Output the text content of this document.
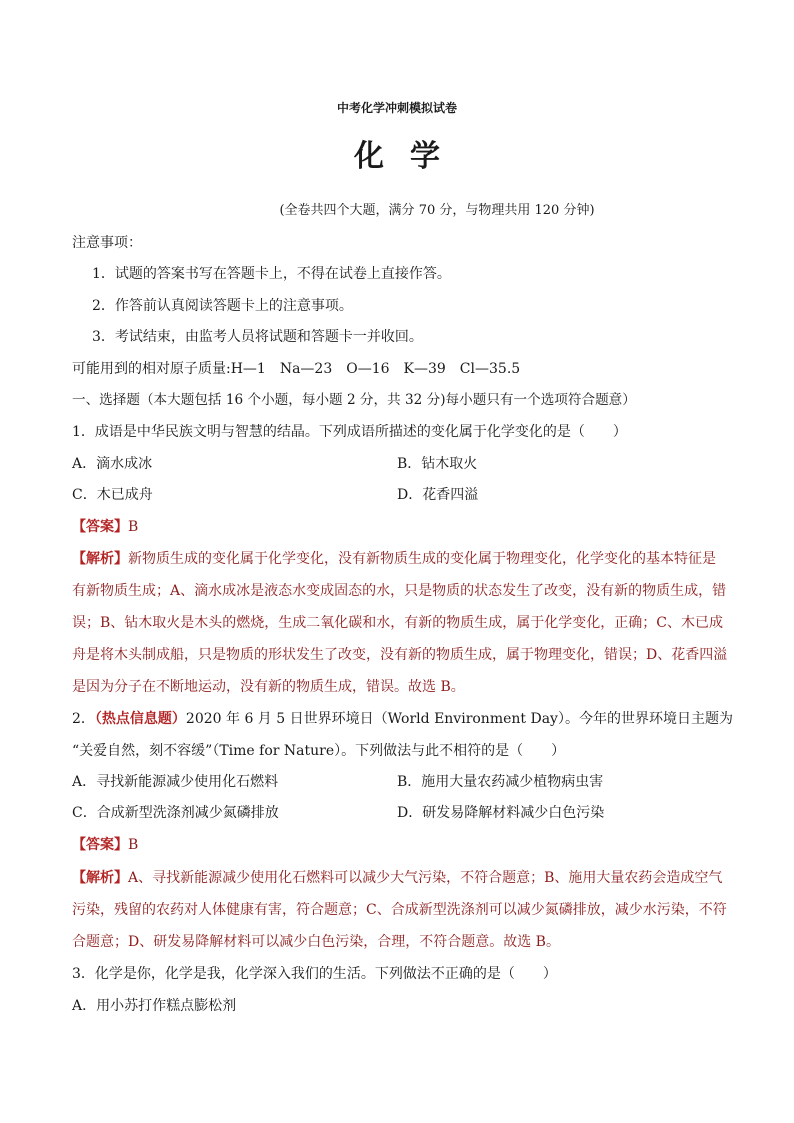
中考化学冲刺模拟试卷
化学
(全卷共四个大题，满分 70 分，与物理共用 120 分钟)
注意事项：
1．试题的答案书写在答题卡上，不得在试卷上直接作答。
2．作答前认真阅读答题卡上的注意事项。
3．考试结束，由监考人员将试题和答题卡一并收回。
可能用到的相对原子质量:H—1　Na—23　O—16　K—39　Cl—35.5
一、选择题（本大题包括 16 个小题，每小题 2 分，共 32 分)每小题只有一个选项符合题意）
1．成语是中华民族文明与智慧的结晶。下列成语所描述的变化属于化学变化的是（　　）
A．滴水成冰	B．钻木取火
C．木已成舟	D．花香四溢
【答案】B
【解析】新物质生成的变化属于化学变化，没有新物质生成的变化属于物理变化，化学变化的基本特征是
有新物质生成；A、滴水成冰是液态水变成固态的水，只是物质的状态发生了改变，没有新的物质生成，错
误；B、钻木取火是木头的燃烧，生成二氧化碳和水，有新的物质生成，属于化学变化，正确；C、木已成
舟是将木头制成船，只是物质的形状发生了改变，没有新的物质生成，属于物理变化，错误；D、花香四溢
是因为分子在不断地运动，没有新的物质生成，错误。故选 B。
2．（热点信息题）2020 年 6 月 5 日世界环境日（World Environment Day）。今年的世界环境日主题为
“关爱自然，刻不容缓”（Time for Nature）。下列做法与此不相符的是（　　）
A．寻找新能源减少使用化石燃料	B．施用大量农药减少植物病虫害
C．合成新型洗涤剂减少氮磷排放	D．研发易降解材料减少白色污染
【答案】B
【解析】A、寻找新能源减少使用化石燃料可以减少大气污染，不符合题意；B、施用大量农药会造成空气
污染，残留的农药对人体健康有害，符合题意；C、合成新型洗涤剂可以减少氮磷排放，减少水污染，不符
合题意；D、研发易降解材料可以减少白色污染，合理，不符合题意。故选 B。
3．化学是你，化学是我，化学深入我们的生活。下列做法不正确的是（　　）
A．用小苏打作糕点膨松剂
